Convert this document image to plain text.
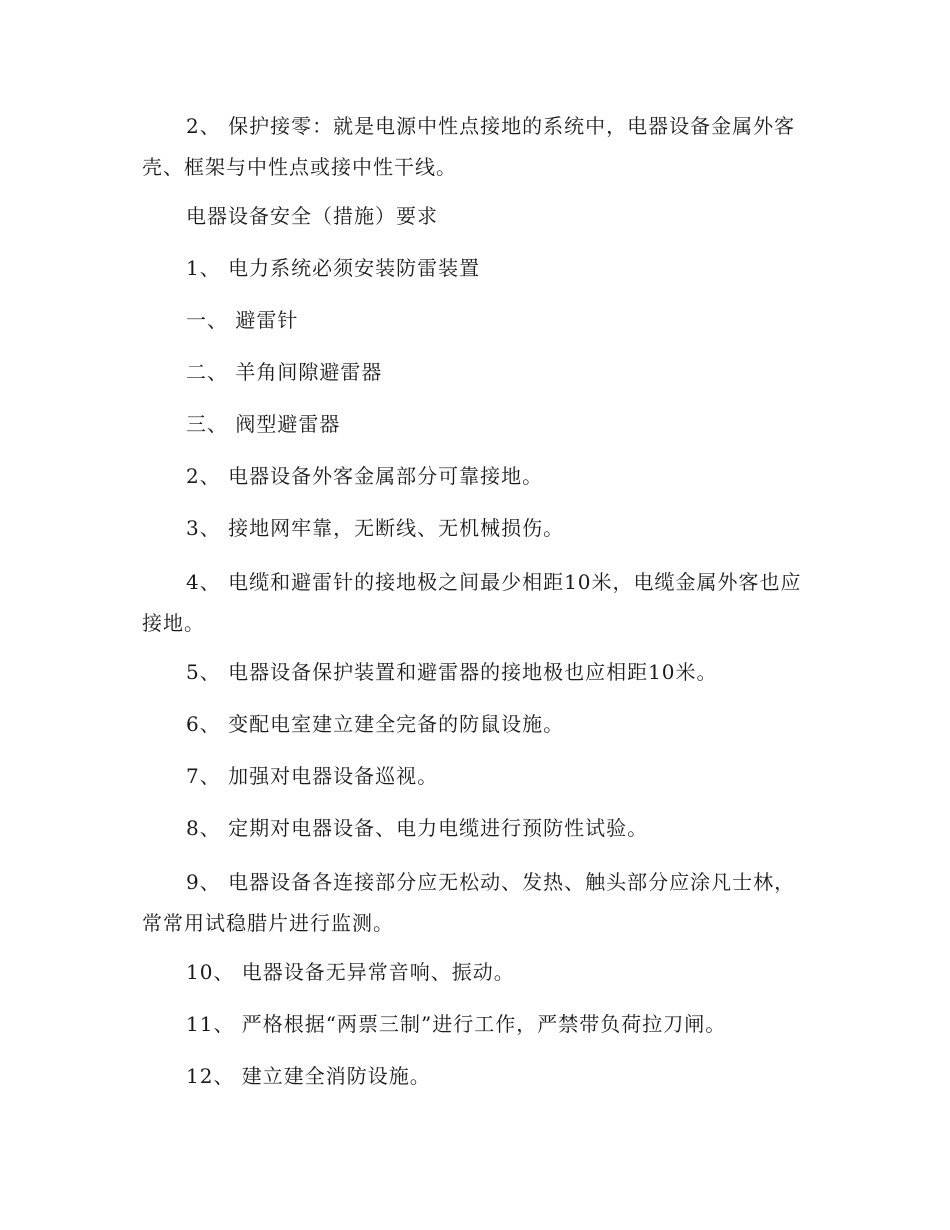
2、 保护接零：就是电源中性点接地的系统中，电器设备金属外客壳、框架与中性点或接中性干线。

电器设备安全（措施）要求

1、 电力系统必须安装防雷装置

一、 避雷针

二、 羊角间隙避雷器

三、 阀型避雷器

2、 电器设备外客金属部分可靠接地。

3、 接地网牢靠，无断线、无机械损伤。

4、 电缆和避雷针的接地极之间最少相距10米，电缆金属外客也应接地。

5、 电器设备保护装置和避雷器的接地极也应相距10米。

6、 变配电室建立建全完备的防鼠设施。

7、 加强对电器设备巡视。

8、 定期对电器设备、电力电缆进行预防性试验。

9、 电器设备各连接部分应无松动、发热、触头部分应涂凡士林，常常用试稳腊片进行监测。

10、 电器设备无异常音响、振动。

11、 严格根据“两票三制”进行工作，严禁带负荷拉刀闸。

12、 建立建全消防设施。
